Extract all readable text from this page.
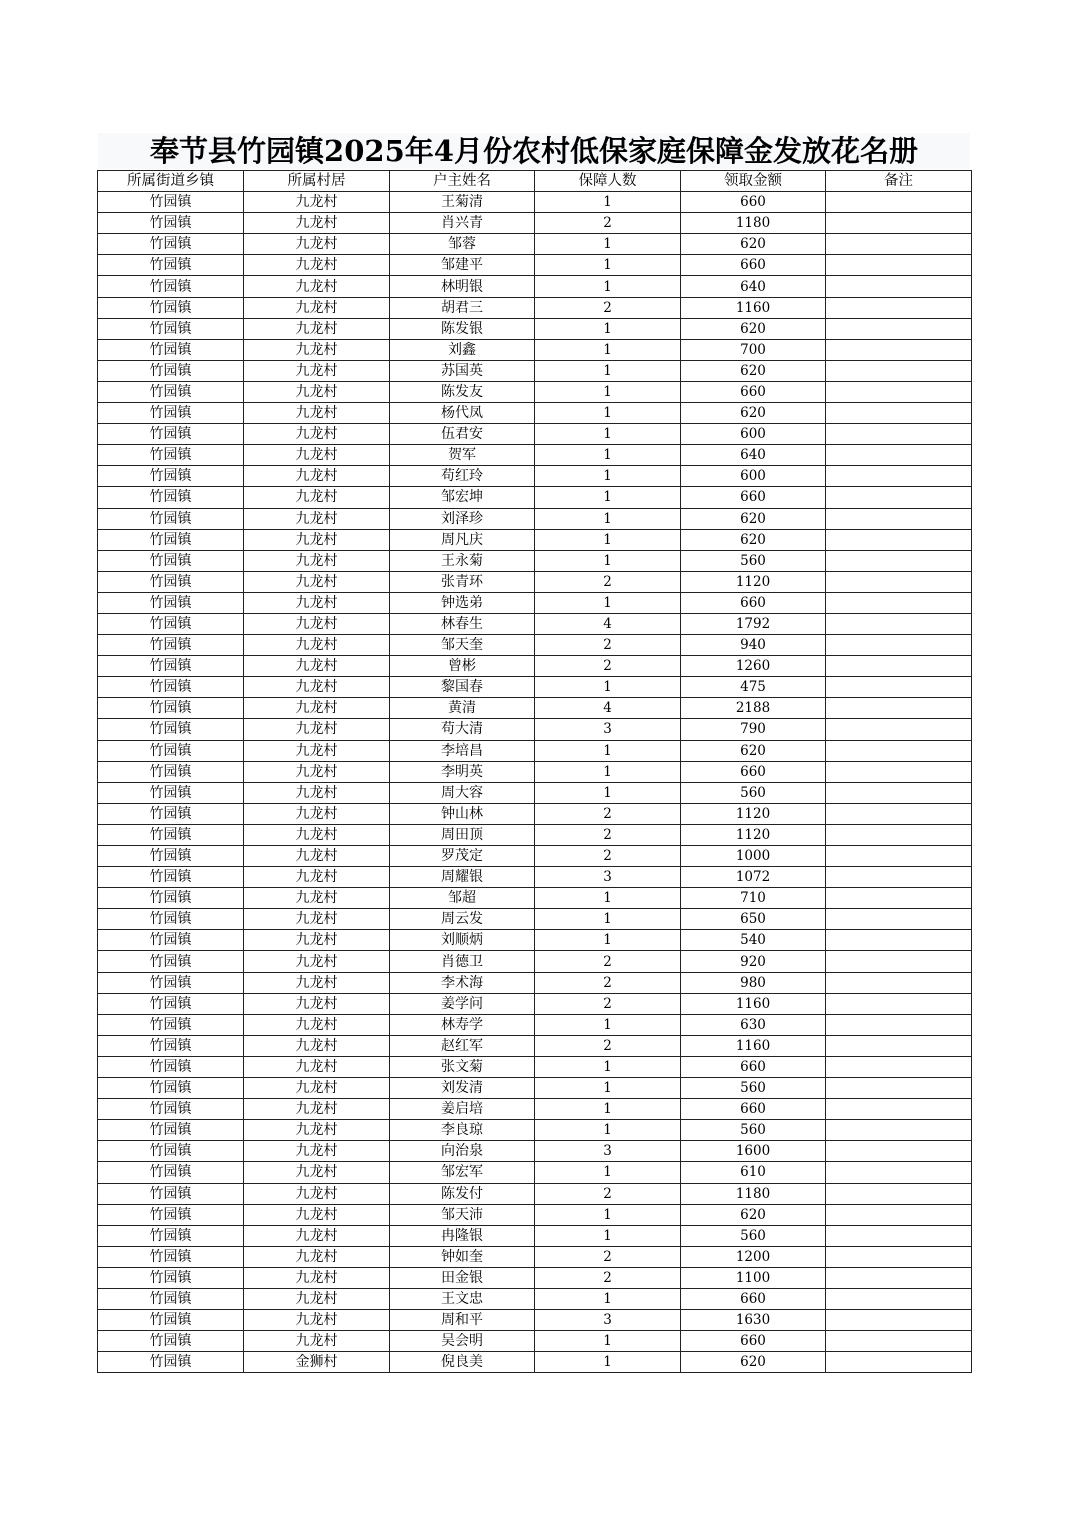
奉节县竹园镇2025年4月份农村低保家庭保障金发放花名册
所属街道乡镇	所属村居	户主姓名	保障人数	领取金额	备注
竹园镇	九龙村	王菊清	1	660	
竹园镇	九龙村	肖兴青	2	1180	
竹园镇	九龙村	邹蓉	1	620	
竹园镇	九龙村	邹建平	1	660	
竹园镇	九龙村	林明银	1	640	
竹园镇	九龙村	胡君三	2	1160	
竹园镇	九龙村	陈发银	1	620	
竹园镇	九龙村	刘鑫	1	700	
竹园镇	九龙村	苏国英	1	620	
竹园镇	九龙村	陈发友	1	660	
竹园镇	九龙村	杨代凤	1	620	
竹园镇	九龙村	伍君安	1	600	
竹园镇	九龙村	贺军	1	640	
竹园镇	九龙村	苟红玲	1	600	
竹园镇	九龙村	邹宏坤	1	660	
竹园镇	九龙村	刘泽珍	1	620	
竹园镇	九龙村	周凡庆	1	620	
竹园镇	九龙村	王永菊	1	560	
竹园镇	九龙村	张青环	2	1120	
竹园镇	九龙村	钟选弟	1	660	
竹园镇	九龙村	林春生	4	1792	
竹园镇	九龙村	邹天奎	2	940	
竹园镇	九龙村	曾彬	2	1260	
竹园镇	九龙村	黎国春	1	475	
竹园镇	九龙村	黄清	4	2188	
竹园镇	九龙村	苟大清	3	790	
竹园镇	九龙村	李培昌	1	620	
竹园镇	九龙村	李明英	1	660	
竹园镇	九龙村	周大容	1	560	
竹园镇	九龙村	钟山林	2	1120	
竹园镇	九龙村	周田顶	2	1120	
竹园镇	九龙村	罗茂定	2	1000	
竹园镇	九龙村	周耀银	3	1072	
竹园镇	九龙村	邹超	1	710	
竹园镇	九龙村	周云发	1	650	
竹园镇	九龙村	刘顺炳	1	540	
竹园镇	九龙村	肖德卫	2	920	
竹园镇	九龙村	李术海	2	980	
竹园镇	九龙村	姜学问	2	1160	
竹园镇	九龙村	林寿学	1	630	
竹园镇	九龙村	赵红军	2	1160	
竹园镇	九龙村	张文菊	1	660	
竹园镇	九龙村	刘发清	1	560	
竹园镇	九龙村	姜启培	1	660	
竹园镇	九龙村	李良琼	1	560	
竹园镇	九龙村	向治泉	3	1600	
竹园镇	九龙村	邹宏军	1	610	
竹园镇	九龙村	陈发付	2	1180	
竹园镇	九龙村	邹天沛	1	620	
竹园镇	九龙村	冉隆银	1	560	
竹园镇	九龙村	钟如奎	2	1200	
竹园镇	九龙村	田金银	2	1100	
竹园镇	九龙村	王文忠	1	660	
竹园镇	九龙村	周和平	3	1630	
竹园镇	九龙村	吴会明	1	660	
竹园镇	金狮村	倪良美	1	620	
